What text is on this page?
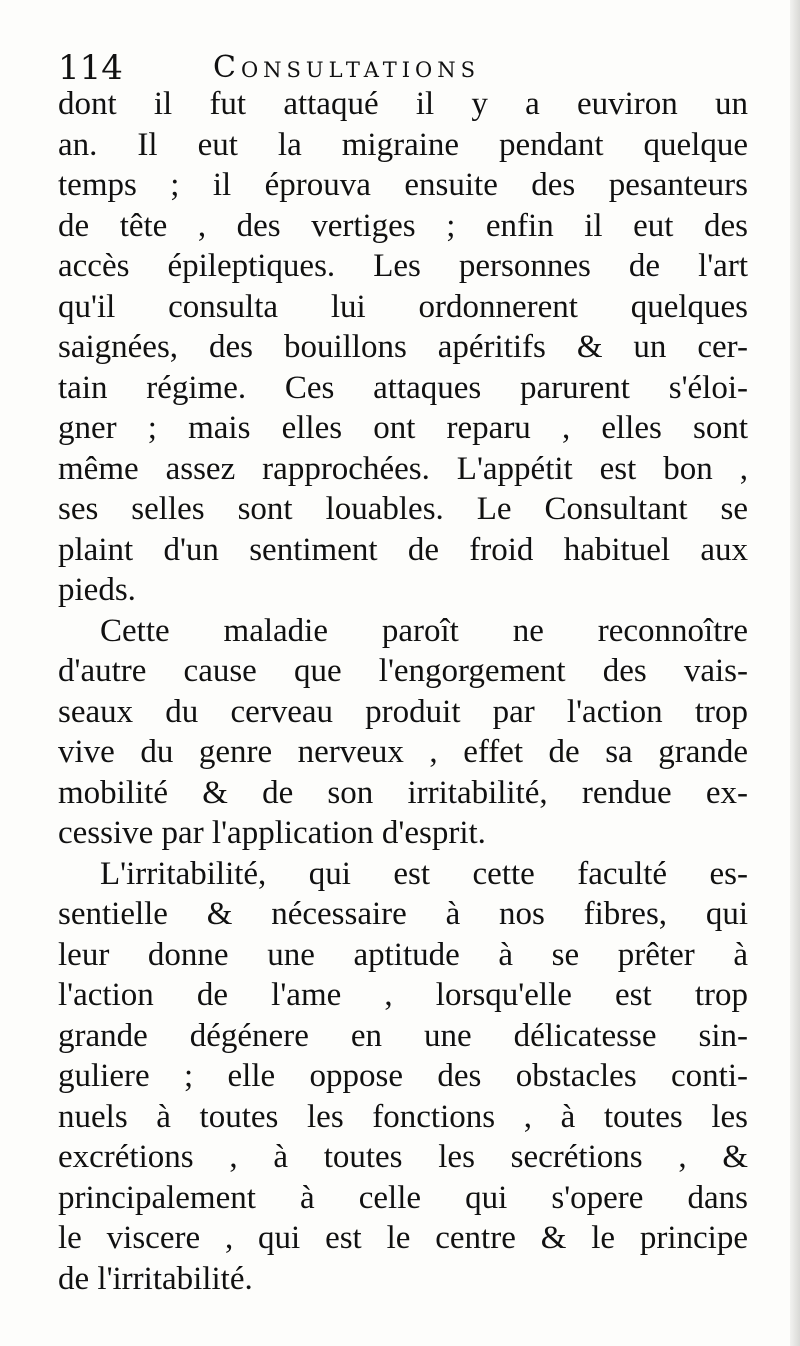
114	Consultations
dont il fut attaqué il y a euviron un
an. Il eut la migraine pendant quelque
temps ; il éprouva ensuite des pesanteurs
de tête , des vertiges ; enfin il eut des
accès épileptiques. Les personnes de l'art
qu'il consulta lui ordonnerent quelques
saignées, des bouillons apéritifs & un cer-
tain régime. Ces attaques parurent s'éloi-
gner ; mais elles ont reparu , elles sont
même assez rapprochées. L'appétit est bon ,
ses selles sont louables. Le Consultant se
plaint d'un sentiment de froid habituel aux
pieds.
Cette maladie paroît ne reconnoître
d'autre cause que l'engorgement des vais-
seaux du cerveau produit par l'action trop
vive du genre nerveux , effet de sa grande
mobilité & de son irritabilité, rendue ex-
cessive par l'application d'esprit.
L'irritabilité, qui est cette faculté es-
sentielle & nécessaire à nos fibres, qui
leur donne une aptitude à se prêter à
l'action de l'ame , lorsqu'elle est trop
grande dégénere en une délicatesse sin-
guliere ; elle oppose des obstacles conti-
nuels à toutes les fonctions , à toutes les
excrétions , à toutes les secrétions , &
principalement à celle qui s'opere dans
le viscere , qui est le centre & le principe
de l'irritabilité.
